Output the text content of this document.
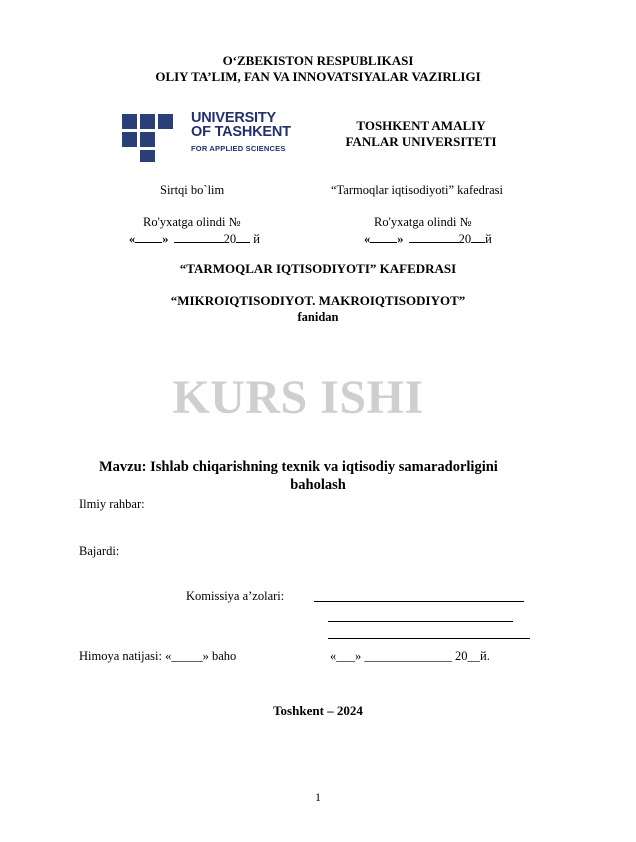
O‘ZBEKISTON RESPUBLIKASI
OLIY TA’LIM, FAN VA INNOVATSIYALAR VAZIRLIGI
UNIVERSITY
OF TASHKENT
FOR APPLIED SCIENCES
TOSHKENT AMALIY
FANLAR UNIVERSITETI
Sirtqi bo`lim
Ro'yxatga olindi №
« »	20 й
“Tarmoqlar iqtisodiyoti” kafedrasi
Ro'yxatga olindi №
« »	20 й
“TARMOQLAR IQTISODIYOTI” KAFEDRASI
“MIKROIQTISODIYOT. MAKROIQTISODIYOT”
fanidan
KURS ISHI
Mavzu: Ishlab chiqarishning texnik va iqtisodiy samaradorligini
baholash
Ilmiy rahbar:
Bajardi:
Komissiya a’zolari:
Himoya natijasi: «_____» baho	«___» ______________ 20__й.
Toshkent – 2024
1
